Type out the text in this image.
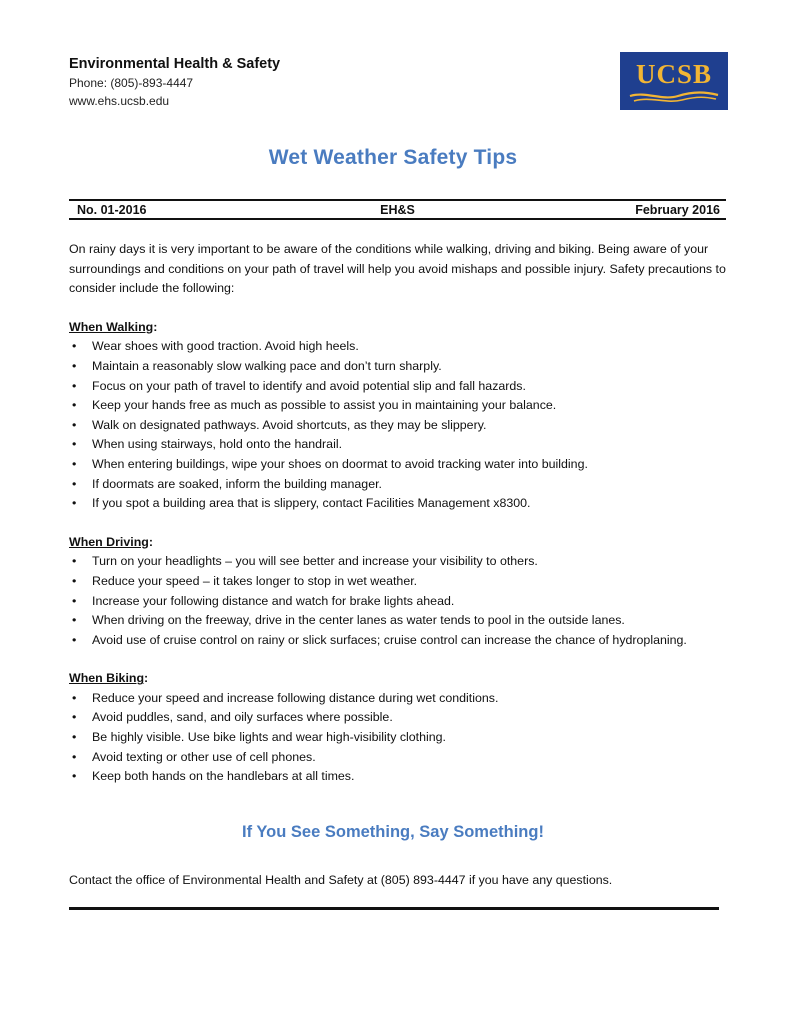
Environmental Health & Safety

Phone: (805)-893-4447

www.ehs.ucsb.edu

UCSB
Wet Weather Safety Tips
No. 01-2016	EH&S	February 2016

On rainy days it is very important to be aware of the conditions while walking, driving and biking. Being aware of your surroundings and conditions on your path of travel will help you avoid mishaps and possible injury. Safety precautions to consider include the following:

When Walking:

• Wear shoes with good traction. Avoid high heels.
• Maintain a reasonably slow walking pace and don’t turn sharply.
• Focus on your path of travel to identify and avoid potential slip and fall hazards.
• Keep your hands free as much as possible to assist you in maintaining your balance.
• Walk on designated pathways. Avoid shortcuts, as they may be slippery.
• When using stairways, hold onto the handrail.
• When entering buildings, wipe your shoes on doormat to avoid tracking water into building.
• If doormats are soaked, inform the building manager.
• If you spot a building area that is slippery, contact Facilities Management x8300.

When Driving:

• Turn on your headlights – you will see better and increase your visibility to others.
• Reduce your speed – it takes longer to stop in wet weather.
• Increase your following distance and watch for brake lights ahead.
• When driving on the freeway, drive in the center lanes as water tends to pool in the outside lanes.
• Avoid use of cruise control on rainy or slick surfaces; cruise control can increase the chance of hydroplaning.

When Biking:

• Reduce your speed and increase following distance during wet conditions.
• Avoid puddles, sand, and oily surfaces where possible.
• Be highly visible. Use bike lights and wear high-visibility clothing.
• Avoid texting or other use of cell phones.
• Keep both hands on the handlebars at all times.
If You See Something, Say Something!

Contact the office of Environmental Health and Safety at (805) 893-4447 if you have any questions.
